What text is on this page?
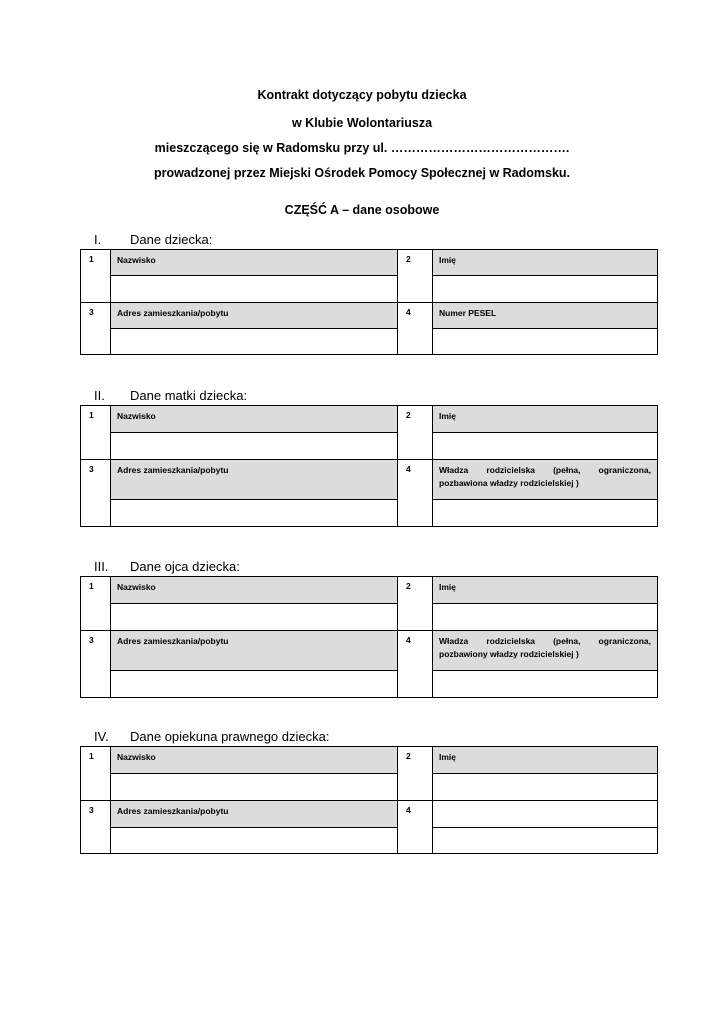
Kontrakt dotyczący pobytu dziecka
w Klubie Wolontariusza
mieszczącego się w Radomsku przy ul. …………………………………….
prowadzonej przez Miejski Ośrodek Pomocy Społecznej w Radomsku.
CZĘŚĆ A – dane osobowe
I. Dane dziecka:
1	Nazwisko	2	Imię

3	Adres zamieszkania/pobytu	4	Numer PESEL

II. Dane matki dziecka:
1	Nazwisko	2	Imię

3	Adres zamieszkania/pobytu	4	Władza rodzicielska (pełna, ograniczona, pozbawiona władzy rodzicielskiej )

III. Dane ojca dziecka:
1	Nazwisko	2	Imię

3	Adres zamieszkania/pobytu	4	Władza rodzicielska (pełna, ograniczona, pozbawiony władzy rodzicielskiej )

IV. Dane opiekuna prawnego dziecka:
1	Nazwisko	2	Imię

3	Adres zamieszkania/pobytu	4	
